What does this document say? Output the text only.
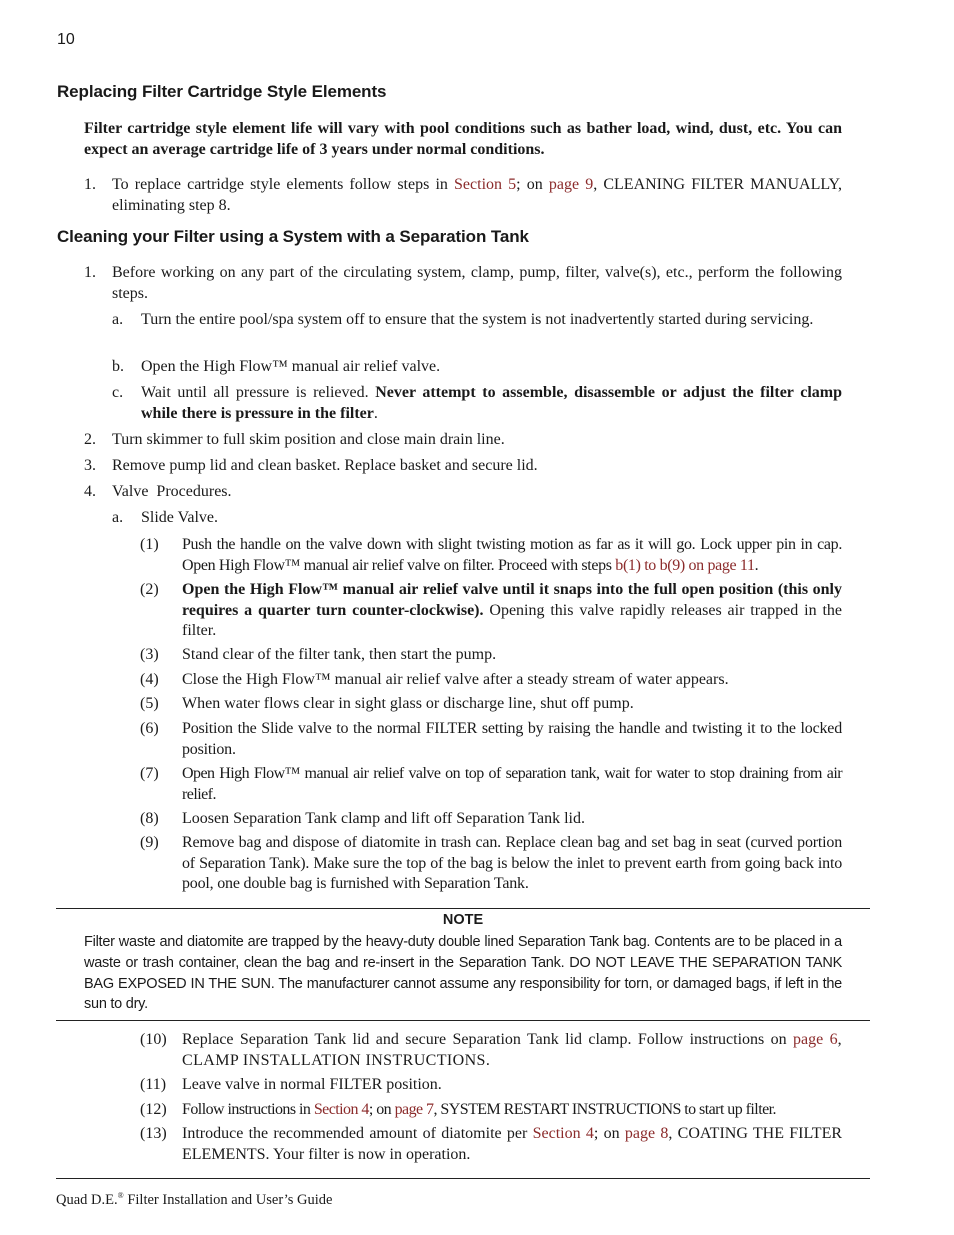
10
Replacing Filter Cartridge Style Elements
Filter cartridge style element life will vary with pool conditions such as bather load, wind, dust, etc. You can expect an average cartridge life of 3 years under normal conditions.
1. To replace cartridge style elements follow steps in Section 5; on page 9, CLEANING FILTER MANUALLY, eliminating step 8.
Cleaning your Filter using a System with a Separation Tank
1. Before working on any part of the circulating system, clamp, pump, filter, valve(s), etc., perform the following steps.
a. Turn the entire pool/spa system off to ensure that the system is not inadvertently started during servicing.
b. Open the High Flow™ manual air relief valve.
c. Wait until all pressure is relieved. Never attempt to assemble, disassemble or adjust the filter clamp while there is pressure in the filter.
2. Turn skimmer to full skim position and close main drain line.
3. Remove pump lid and clean basket. Replace basket and secure lid.
4. Valve  Procedures.
a. Slide Valve.
(1) Push the handle on the valve down with slight twisting motion as far as it will go. Lock upper pin in cap. Open High Flow™ manual air relief valve on filter. Proceed with steps b(1) to b(9) on page 11.
(2) Open the High Flow™ manual air relief valve until it snaps into the full open position (this only requires a quarter turn counter-clockwise). Opening this valve rapidly releases air trapped in the filter.
(3) Stand clear of the filter tank, then start the pump.
(4) Close the High Flow™ manual air relief valve after a steady stream of water appears.
(5) When water flows clear in sight glass or discharge line, shut off pump.
(6) Position the Slide valve to the normal FILTER setting by raising the handle and twisting it to the locked position.
(7) Open High Flow™ manual air relief valve on top of separation tank, wait for water to stop draining from air relief.
(8) Loosen Separation Tank clamp and lift off Separation Tank lid.
(9) Remove bag and dispose of diatomite in trash can. Replace clean bag and set bag in seat (curved portion of Separation Tank). Make sure the top of the bag is below the inlet to prevent earth from going back into pool, one double bag is furnished with Separation Tank.
NOTE
Filter waste and diatomite are trapped by the heavy-duty double lined Separation Tank bag. Contents are to be placed in a waste or trash container, clean the bag and re-insert in the Separation Tank. DO NOT LEAVE THE SEPARATION TANK BAG EXPOSED IN THE SUN. The manufacturer cannot assume any responsibility for torn, or damaged bags, if left in the sun to dry.
(10) Replace Separation Tank lid and secure Separation Tank lid clamp. Follow instructions on page 6, CLAMP INSTALLATION INSTRUCTIONS.
(11) Leave valve in normal FILTER position.
(12) Follow instructions in Section 4; on page 7, SYSTEM RESTART INSTRUCTIONS to start up filter.
(13) Introduce the recommended amount of diatomite per Section 4; on page 8, COATING THE FILTER ELEMENTS. Your filter is now in operation.
Quad D.E.® Filter Installation and User’s Guide
